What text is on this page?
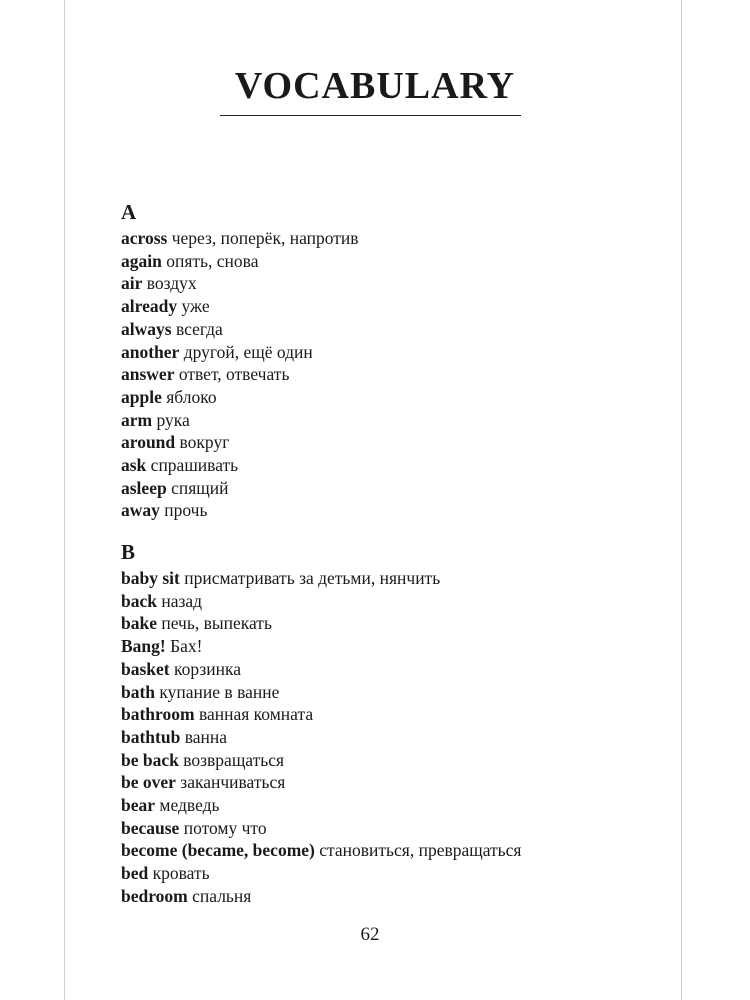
VOCABULARY
A
across через, поперёк, напротив
again опять, снова
air воздух
already уже
always всегда
another другой, ещё один
answer ответ, отвечать
apple яблоко
arm рука
around вокруг
ask спрашивать
asleep спящий
away прочь
B
baby sit присматривать за детьми, нянчить
back назад
bake печь, выпекать
Bang! Бах!
basket корзинка
bath купание в ванне
bathroom ванная комната
bathtub ванна
be back возвращаться
be over заканчиваться
bear медведь
because потому что
become (became, become) становиться, превращаться
bed кровать
bedroom спальня
62
